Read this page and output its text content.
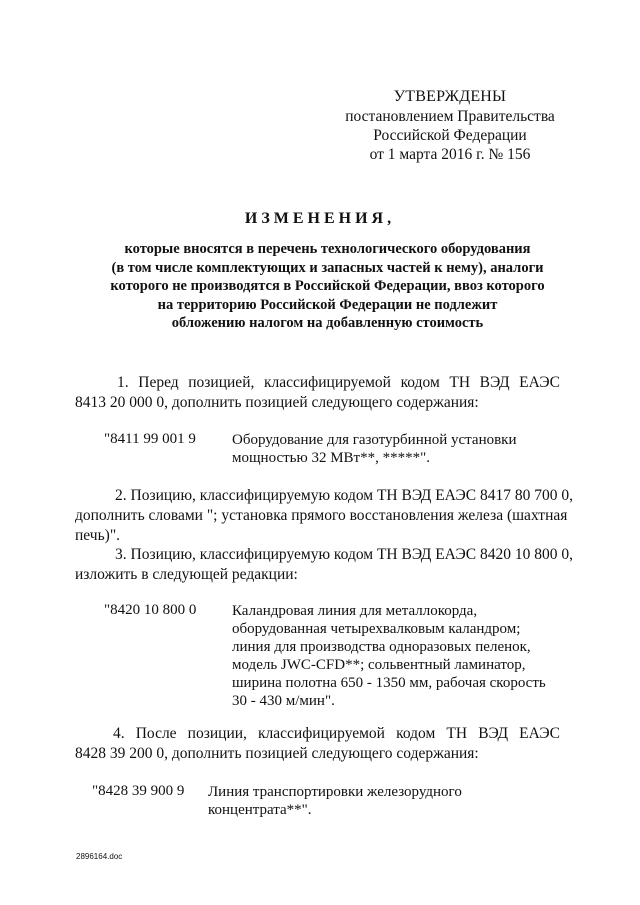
УТВЕРЖДЕНЫ
постановлением Правительства
Российской Федерации
от 1 марта 2016 г. № 156
ИЗМЕНЕНИЯ,
которые вносятся в перечень технологического оборудования
(в том числе комплектующих и запасных частей к нему), аналоги
которого не производятся в Российской Федерации, ввоз которого
на территорию Российской Федерации не подлежит
обложению налогом на добавленную стоимость
1. Перед позицией, классифицируемой кодом ТН ВЭД ЕАЭС
8413 20 000 0, дополнить позицией следующего содержания:
"8411 99 001 9 Оборудование для газотурбинной установки
мощностью 32 МВт**, *****".
2. Позицию, классифицируемую кодом ТН ВЭД ЕАЭС 8417 80 700 0,
дополнить словами "; установка прямого восстановления железа (шахтная
печь)".
3. Позицию, классифицируемую кодом ТН ВЭД ЕАЭС 8420 10 800 0,
изложить в следующей редакции:
"8420 10 800 0 Каландровая линия для металлокорда,
оборудованная четырехвалковым каландром;
линия для производства одноразовых пеленок,
модель JWC-CFD**; сольвентный ламинатор,
ширина полотна 650 - 1350 мм, рабочая скорость
30 - 430 м/мин".
4. После позиции, классифицируемой кодом ТН ВЭД ЕАЭС
8428 39 200 0, дополнить позицией следующего содержания:
"8428 39 900 9 Линия транспортировки железорудного
концентрата**".
2896164.doc
